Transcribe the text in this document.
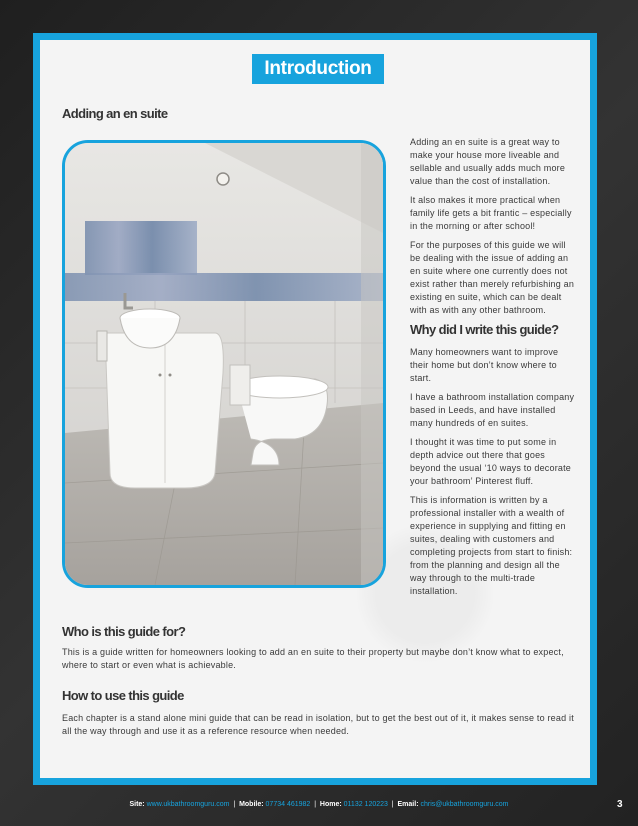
Introduction
Adding an en suite

Adding an en suite is a great way to make your house more liveable and sellable and usually adds much more value than the cost of installation.

It also makes it more practical when family life gets a bit frantic – especially in the morning or after school!

For the purposes of this guide we will be dealing with the issue of adding an en suite where one currently does not exist rather than merely refurbishing an existing en suite, which can be dealt with as with any other bathroom.

Why did I write this guide?

Many homeowners want to improve their home but don’t know where to start.

I have a bathroom installation company based in Leeds, and have installed many hundreds of en suites.

I thought it was time to put some in depth advice out there that goes beyond the usual ‘10 ways to decorate your bathroom’ Pinterest fluff.

This is information is written by a professional installer with a wealth of experience in supplying and fitting en suites, dealing with customers and completing projects from start to finish: from the planning and design all the way through to the multi-trade installation.

Who is this guide for?
This is a guide written for homeowners looking to add an en suite to their property but maybe don’t know what to expect, where to start or even what is achievable.
How to use this guide
Each chapter is a stand alone mini guide that can be read in isolation, but to get the best out of it, it makes sense to read it all the way through and use it as a reference resource when needed.
Site: www.ukbathroomguru.com | Mobile: 07734 461982 | Home: 01132 120223 | Email: chris@ukbathroomguru.com	3
